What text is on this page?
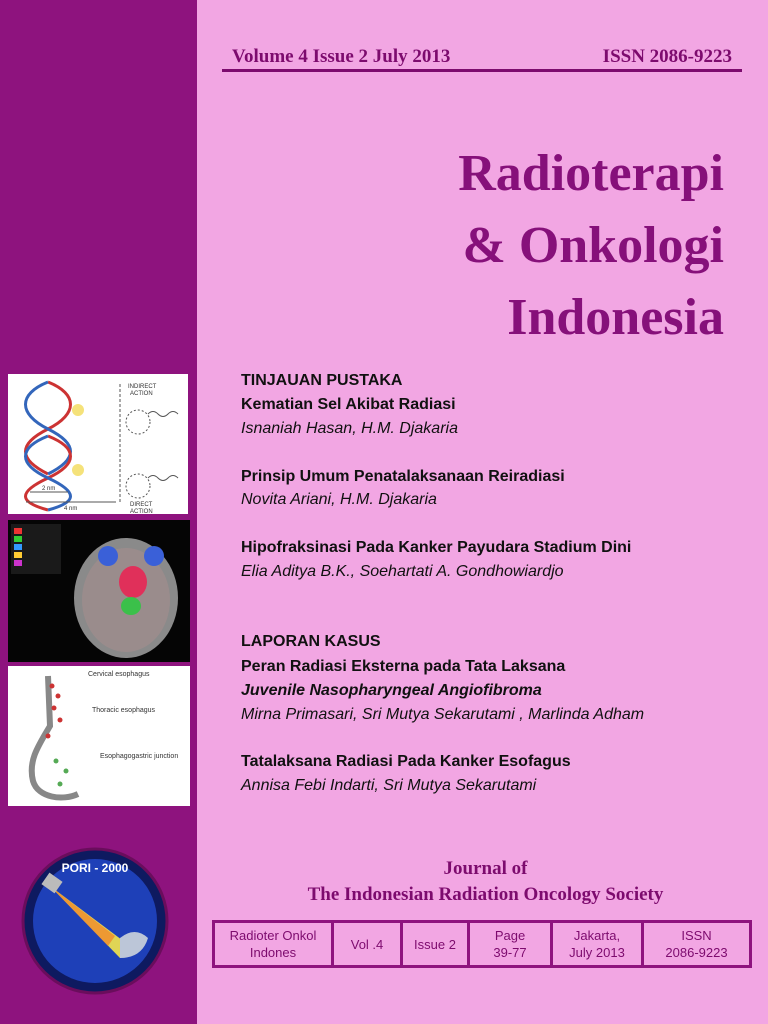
Volume 4 Issue 2 July 2013	ISSN 2086-9223
Radioterapi
& Onkologi
Indonesia
TINJAUAN PUSTAKA
Kematian Sel Akibat Radiasi
Isnaniah Hasan, H.M. Djakaria
Prinsip Umum Penatalaksanaan Reiradiasi
Novita Ariani, H.M. Djakaria
Hipofraksinasi Pada Kanker Payudara Stadium Dini
Elia Aditya B.K., Soehartati A. Gondhowiardjo
LAPORAN KASUS
Peran Radiasi Eksterna pada Tata Laksana
Juvenile Nasopharyngeal Angiofibroma
Mirna Primasari, Sri Mutya Sekarutami , Marlinda Adham
Tatalaksana Radiasi Pada Kanker Esofagus
Annisa Febi Indarti, Sri Mutya Sekarutami
INDIRECT
ACTION
DIRECT
ACTION
2 nm
4 nm
Cervical esophagus
Thoracic esophagus
Esophagogastric junction
PORI - 2000	Journal of
The Indonesian Radiation Oncology Society
Radioter Onkol
Indones
Vol .4 Issue 2
Page
39-77
Jakarta,
July 2013
ISSN
2086-9223
